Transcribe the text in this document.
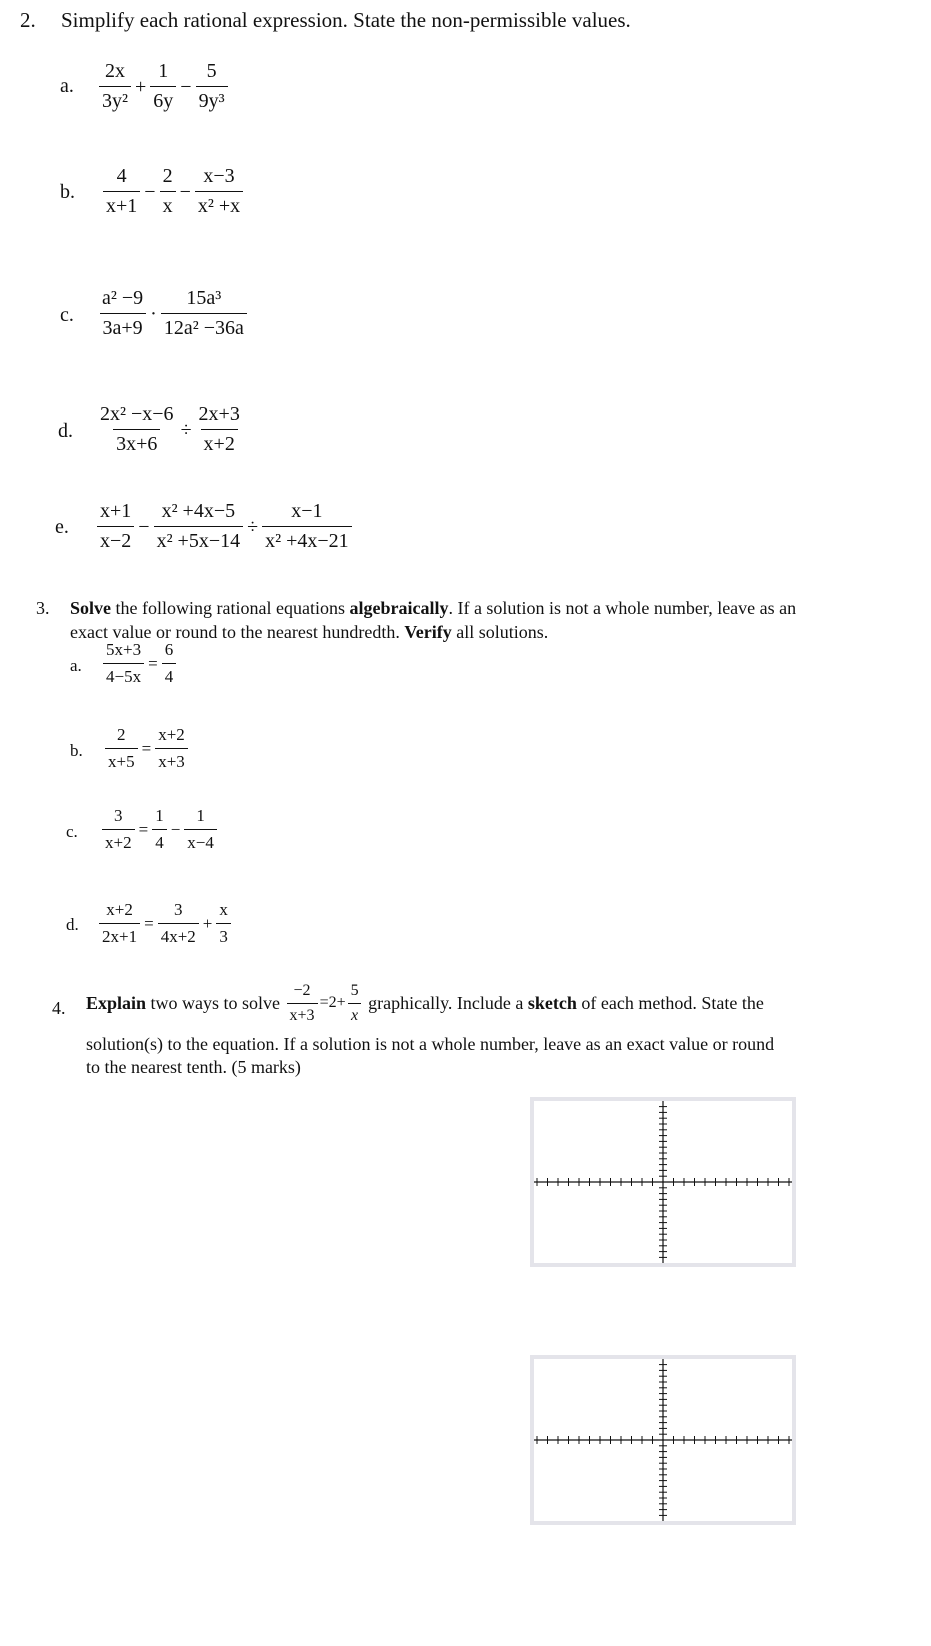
2. Simplify each rational expression. State the non-permissible values.
a. $\frac{2x}{\text{3y²}} + \frac{1}{6y} - \frac{5}{\text{9y³}}$
b. $\frac{4}{x+1} - \frac{2}{x} - \frac{x-3}{\text{x² +x}}$
c. $\frac{\text{a² −9}}{3a+9} \cdot \frac{\text{15a³}}{\text{12a² −36a}}$
d. $\frac{\text{2x² −x−6}}{3x+6} \div \frac{2x+3}{x+2}$
e. $\frac{x+1}{x-2} - \frac{\text{x² +4x−5}}{\text{x² +5x−14}} \div \frac{x-1}{\text{x² +4x−21}}$
3. Solve the following rational equations algebraically. If a solution is not a whole number, leave as an exact value or round to the nearest hundredth. Verify all solutions.
a. $\frac{5x+3}{4-5x} = \frac{6}{4}$
b. $\frac{2}{x+5} = \frac{x+2}{x+3}$
c. $\frac{3}{x+2} = \frac{1}{4} - \frac{1}{x-4}$
d. $\frac{x+2}{2x+1} = \frac{3}{4x+2} + \frac{x}{3}$
4. Explain two ways to solve $\frac{-2}{x+3} =2+ \frac{5}{x}$ graphically. Include a sketch of each method. State the
solution(s) to the equation. If a solution is not a whole number, leave as an exact value or round
to the nearest tenth. (5 marks)
